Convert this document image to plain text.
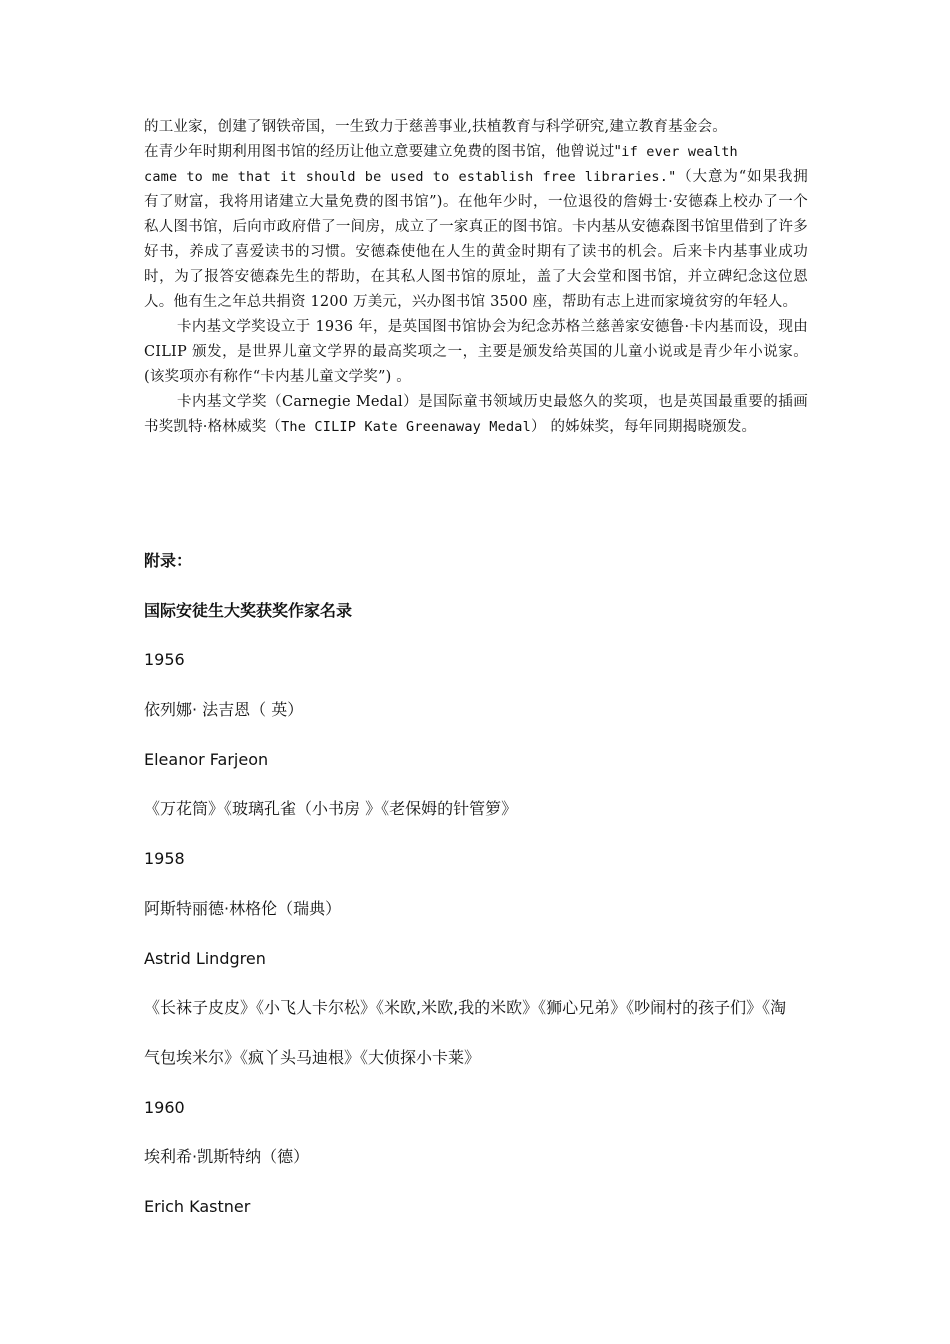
的工业家，创建了钢铁帝国，一生致力于慈善事业,扶植教育与科学研究,建立教育基金会。
在青少年时期利用图书馆的经历让他立意要建立免费的图书馆，他曾说过"if ever wealth
came to me that it should be used to establish free libraries."（大意为“如果我拥有了财富，我将用诸建立大量免费的图书馆”)。在他年少时，一位退役的詹姆士·安德森上校办了一个私人图书馆，后向市政府借了一间房，成立了一家真正的图书馆。卡内基从安德森图书馆里借到了许多好书，养成了喜爱读书的习惯。安德森使他在人生的黄金时期有了读书的机会。后来卡内基事业成功时，为了报答安德森先生的帮助，在其私人图书馆的原址，盖了大会堂和图书馆，并立碑纪念这位恩人。他有生之年总共捐资 1200 万美元，兴办图书馆 3500 座，帮助有志上进而家境贫穷的年轻人。

卡内基文学奖设立于 1936 年，是英国图书馆协会为纪念苏格兰慈善家安德鲁·卡内基而设，现由 CILIP 颁发，是世界儿童文学界的最高奖项之一，主要是颁发给英国的儿童小说或是青少年小说家。(该奖项亦有称作“卡内基儿童文学奖”) 。

卡内基文学奖（Carnegie Medal）是国际童书领域历史最悠久的奖项，也是英国最重要的插画书奖凯特·格林威奖（The CILIP Kate Greenaway Medal） 的姊妹奖，每年同期揭晓颁发。

附录：
国际安徒生大奖获奖作家名录
1956
依列娜· 法吉恩（ 英）
Eleanor Farjeon
《万花筒》《玻璃孔雀（小书房 》《老保姆的针管箩》
1958
阿斯特丽德·林格伦（瑞典）
Astrid Lindgren
《长袜子皮皮》《小飞人卡尔松》《米欧,米欧,我的米欧》《狮心兄弟》《吵闹村的孩子们》《淘
气包埃米尔》《疯丫头马迪根》《大侦探小卡莱》
1960
埃利希·凯斯特纳（德）
Erich Kastner
